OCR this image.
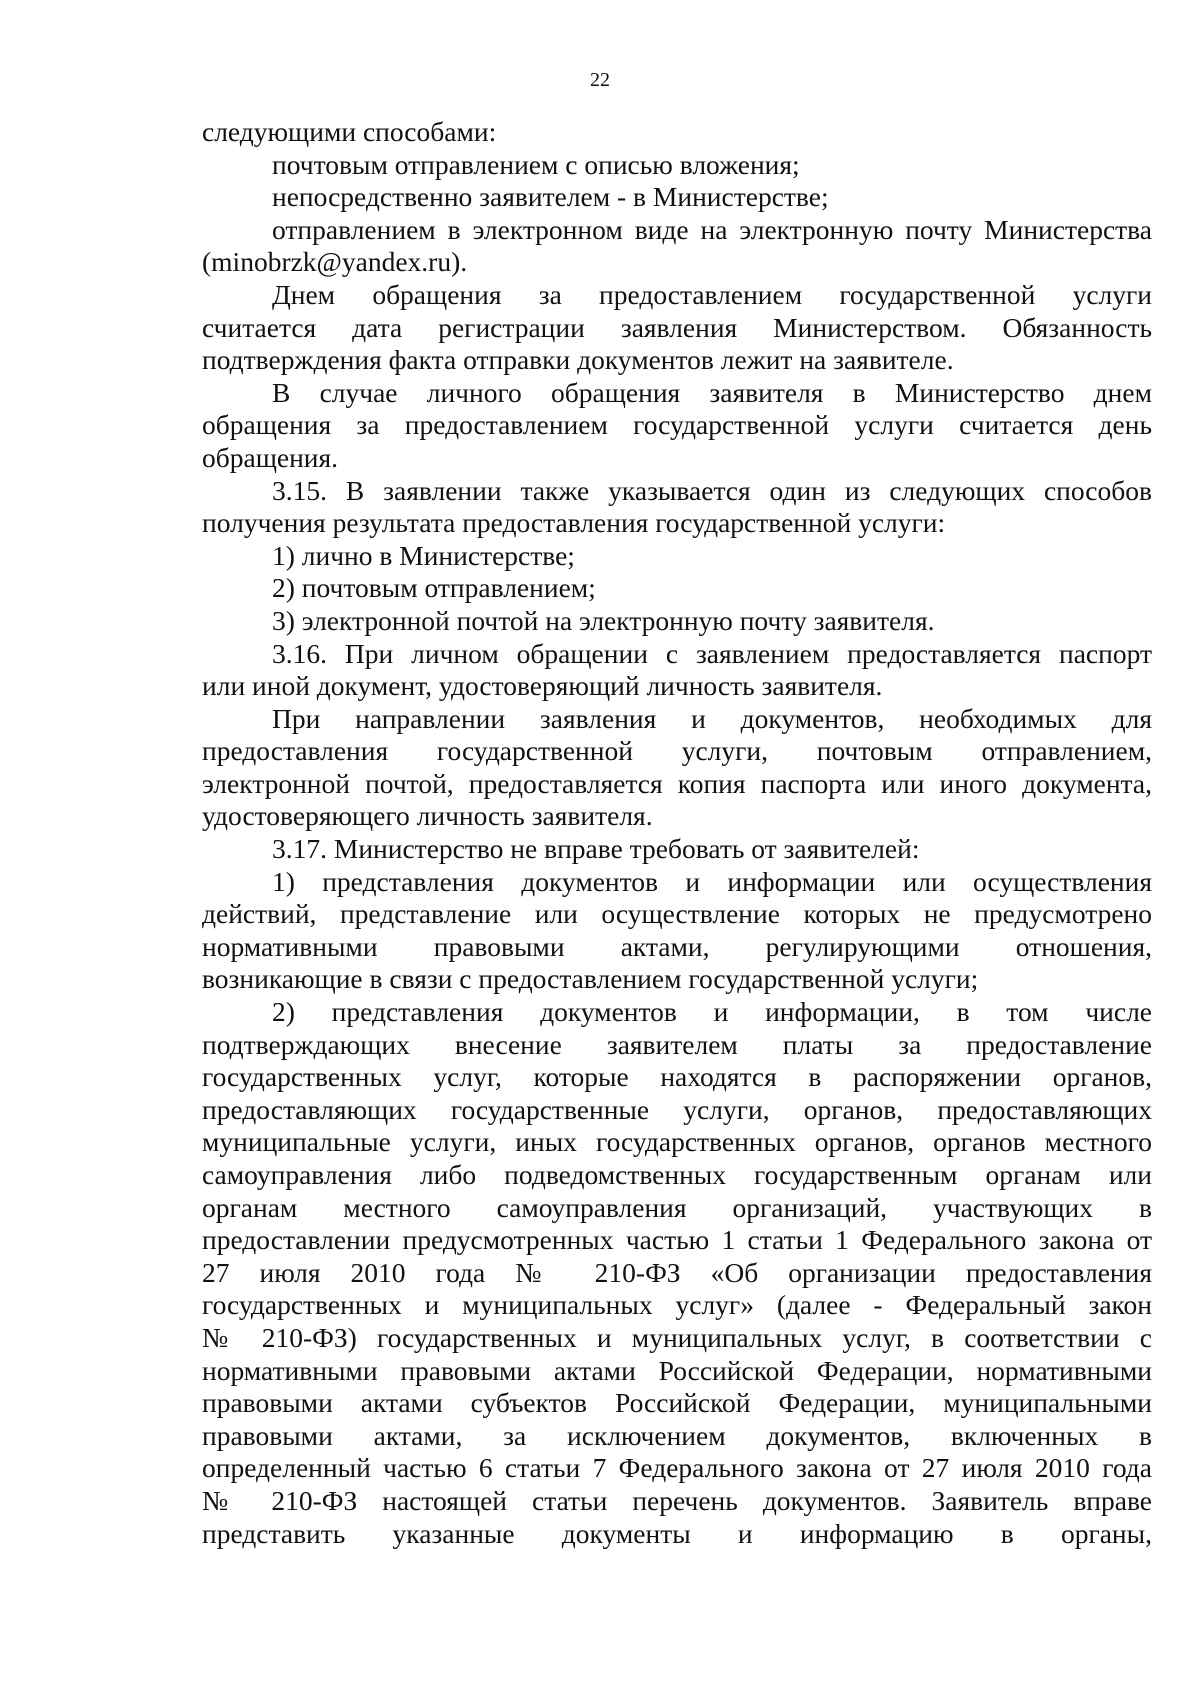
22

следующими способами:

почтовым отправлением с описью вложения;

непосредственно заявителем - в Министерстве;

отправлением в электронном виде на электронную почту Министерства

(minobrzk@yandex.ru).

Днем обращения за предоставлением государственной услуги

считается дата регистрации заявления Министерством. Обязанность

подтверждения факта отправки документов лежит на заявителе.

В случае личного обращения заявителя в Министерство днем

обращения за предоставлением государственной услуги считается день

обращения.

3.15. В заявлении также указывается один из следующих способов

получения результата предоставления государственной услуги:

1) лично в Министерстве;

2) почтовым отправлением;

3) электронной почтой на электронную почту заявителя.

3.16. При личном обращении с заявлением предоставляется паспорт

или иной документ, удостоверяющий личность заявителя.

При направлении заявления и документов, необходимых для

предоставления государственной услуги, почтовым отправлением,

электронной почтой, предоставляется копия паспорта или иного документа,

удостоверяющего личность заявителя.

3.17. Министерство не вправе требовать от заявителей:

1) представления документов и информации или осуществления

действий, представление или осуществление которых не предусмотрено

нормативными правовыми актами, регулирующими отношения,

возникающие в связи с предоставлением государственной услуги;

2) представления документов и информации, в том числе

подтверждающих внесение заявителем платы за предоставление

государственных услуг, которые находятся в распоряжении органов,

предоставляющих государственные услуги, органов, предоставляющих

муниципальные услуги, иных государственных органов, органов местного

самоуправления либо подведомственных государственным органам или

органам местного самоуправления организаций, участвующих в

предоставлении предусмотренных частью 1 статьи 1 Федерального закона от

27 июля 2010 года № 210-ФЗ «Об организации предоставления

государственных и муниципальных услуг» (далее - Федеральный закон

№ 210-ФЗ) государственных и муниципальных услуг, в соответствии с

нормативными правовыми актами Российской Федерации, нормативными

правовыми актами субъектов Российской Федерации, муниципальными

правовыми актами, за исключением документов, включенных в

определенный частью 6 статьи 7 Федерального закона от 27 июля 2010 года

№ 210-ФЗ настоящей статьи перечень документов. Заявитель вправе

представить указанные документы и информацию в органы,
